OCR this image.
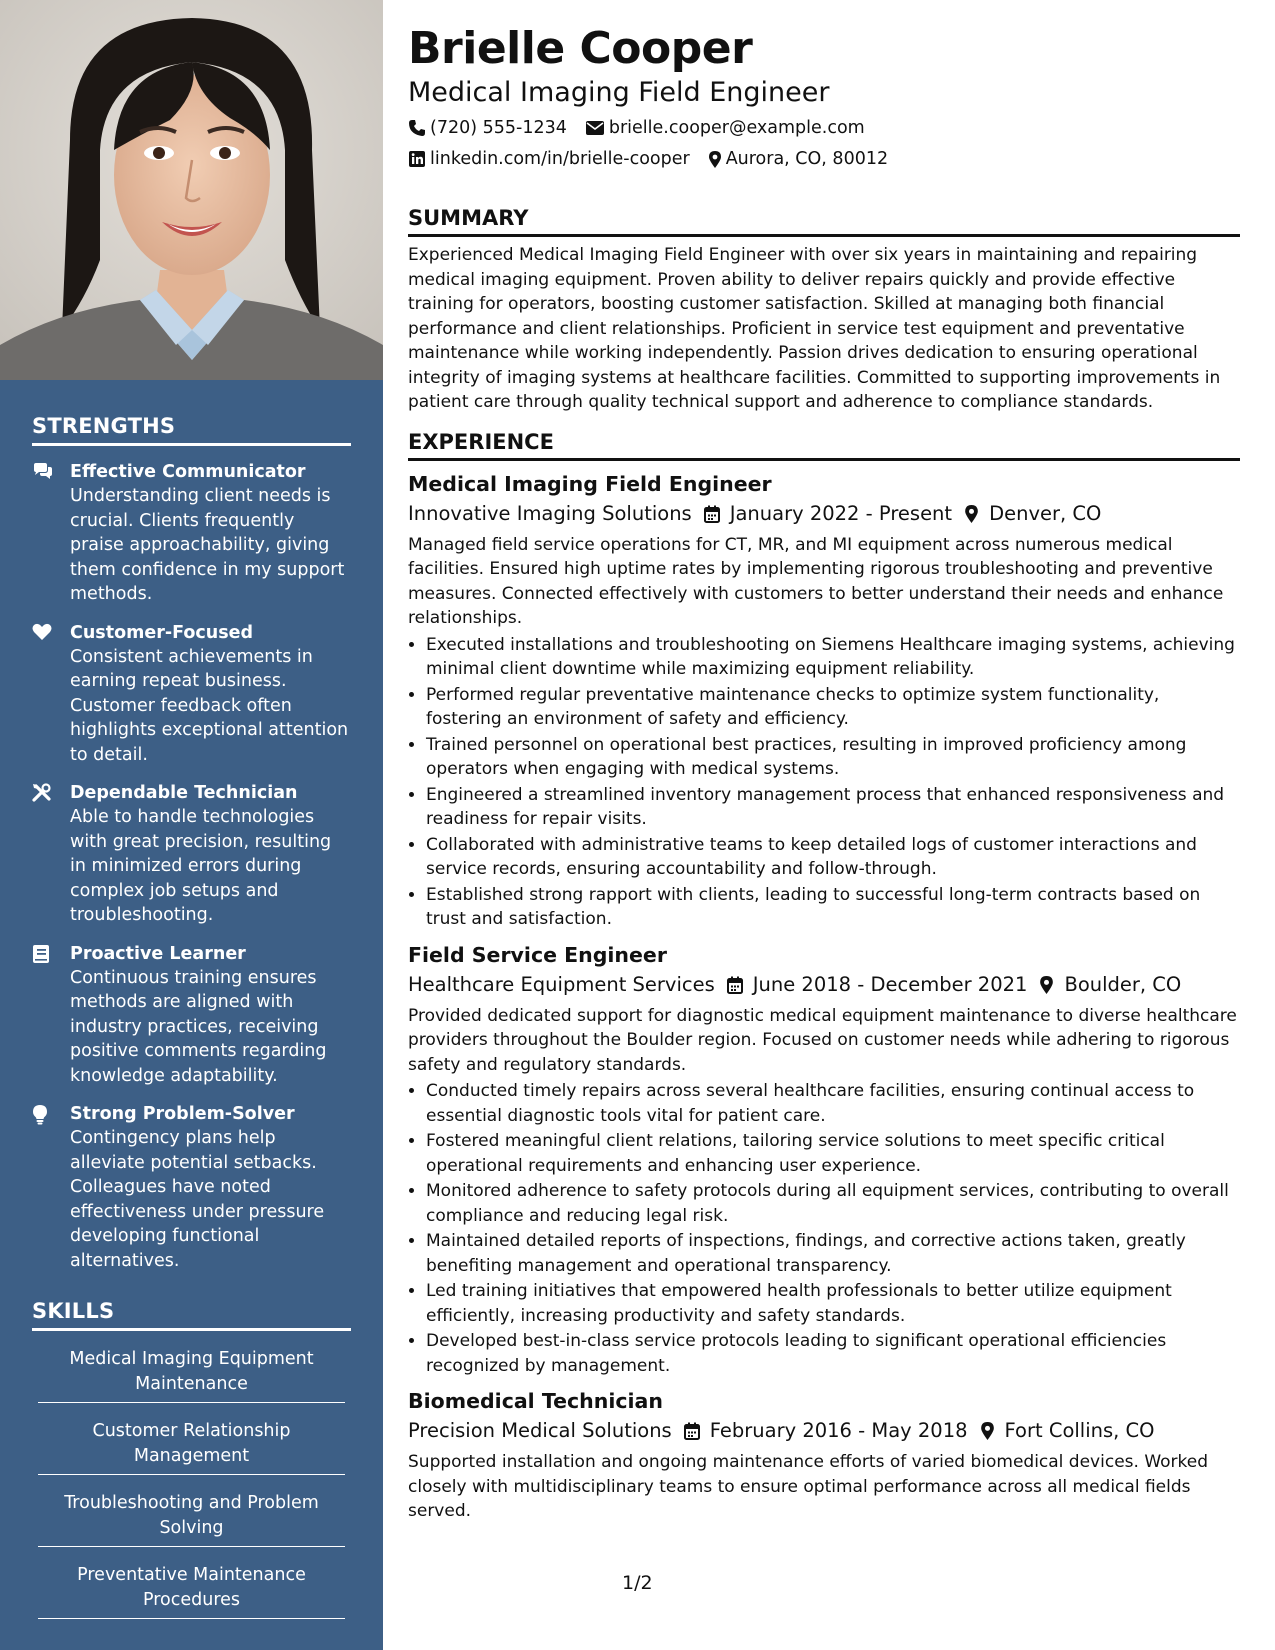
STRENGTHS
Effective Communicator
Understanding client needs is crucial. Clients frequently praise approachability, giving them confidence in my support methods.
Customer-Focused
Consistent achievements in earning repeat business. Customer feedback often highlights exceptional attention to detail.
Dependable Technician
Able to handle technologies with great precision, resulting in minimized errors during complex job setups and troubleshooting.
Proactive Learner
Continuous training ensures methods are aligned with industry practices, receiving positive comments regarding knowledge adaptability.
Strong Problem-Solver
Contingency plans help alleviate potential setbacks. Colleagues have noted effectiveness under pressure developing functional alternatives.
SKILLS
Medical Imaging Equipment Maintenance
Customer Relationship Management
Troubleshooting and Problem Solving
Preventative Maintenance Procedures
Brielle Cooper
Medical Imaging Field Engineer
(720) 555-1234 brielle.cooper@example.com
linkedin.com/in/brielle-cooper Aurora, CO, 80012
SUMMARY
Experienced Medical Imaging Field Engineer with over six years in maintaining and repairing medical imaging equipment. Proven ability to deliver repairs quickly and provide effective training for operators, boosting customer satisfaction. Skilled at managing both financial performance and client relationships. Proficient in service test equipment and preventative maintenance while working independently. Passion drives dedication to ensuring operational integrity of imaging systems at healthcare facilities. Committed to supporting improvements in patient care through quality technical support and adherence to compliance standards.
EXPERIENCE
Medical Imaging Field Engineer
Innovative Imaging Solutions January 2022 - Present Denver, CO
Managed field service operations for CT, MR, and MI equipment across numerous medical facilities. Ensured high uptime rates by implementing rigorous troubleshooting and preventive measures. Connected effectively with customers to better understand their needs and enhance relationships.
• Executed installations and troubleshooting on Siemens Healthcare imaging systems, achieving minimal client downtime while maximizing equipment reliability.
• Performed regular preventative maintenance checks to optimize system functionality, fostering an environment of safety and efficiency.
• Trained personnel on operational best practices, resulting in improved proficiency among operators when engaging with medical systems.
• Engineered a streamlined inventory management process that enhanced responsiveness and readiness for repair visits.
• Collaborated with administrative teams to keep detailed logs of customer interactions and service records, ensuring accountability and follow-through.
• Established strong rapport with clients, leading to successful long-term contracts based on trust and satisfaction.
Field Service Engineer
Healthcare Equipment Services June 2018 - December 2021 Boulder, CO
Provided dedicated support for diagnostic medical equipment maintenance to diverse healthcare providers throughout the Boulder region. Focused on customer needs while adhering to rigorous safety and regulatory standards.
• Conducted timely repairs across several healthcare facilities, ensuring continual access to essential diagnostic tools vital for patient care.
• Fostered meaningful client relations, tailoring service solutions to meet specific critical operational requirements and enhancing user experience.
• Monitored adherence to safety protocols during all equipment services, contributing to overall compliance and reducing legal risk.
• Maintained detailed reports of inspections, findings, and corrective actions taken, greatly benefiting management and operational transparency.
• Led training initiatives that empowered health professionals to better utilize equipment efficiently, increasing productivity and safety standards.
• Developed best-in-class service protocols leading to significant operational efficiencies recognized by management.
Biomedical Technician
Precision Medical Solutions February 2016 - May 2018 Fort Collins, CO
Supported installation and ongoing maintenance efforts of varied biomedical devices. Worked closely with multidisciplinary teams to ensure optimal performance across all medical fields served.
1/2
